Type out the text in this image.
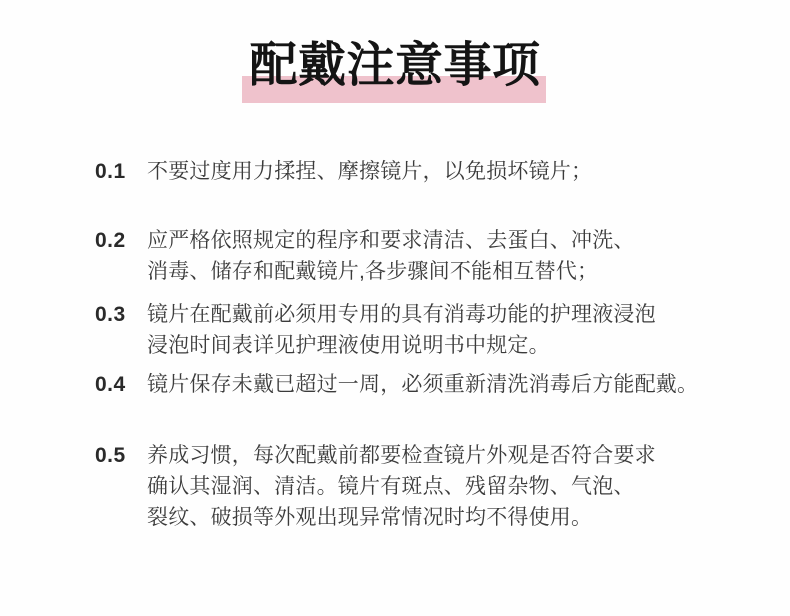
配戴注意事项
0.1	不要过度用力揉捏、摩擦镜片，以免损坏镜片；
0.2	应严格依照规定的程序和要求清洁、去蛋白、冲洗、
消毒、储存和配戴镜片,各步骤间不能相互替代；
0.3	镜片在配戴前必须用专用的具有消毒功能的护理液浸泡
浸泡时间表详见护理液使用说明书中规定。
0.4	镜片保存未戴已超过一周，必须重新清洗消毒后方能配戴。
0.5	养成习惯，每次配戴前都要检查镜片外观是否符合要求
确认其湿润、清洁。镜片有斑点、残留杂物、气泡、
裂纹、破损等外观出现异常情况时均不得使用。
